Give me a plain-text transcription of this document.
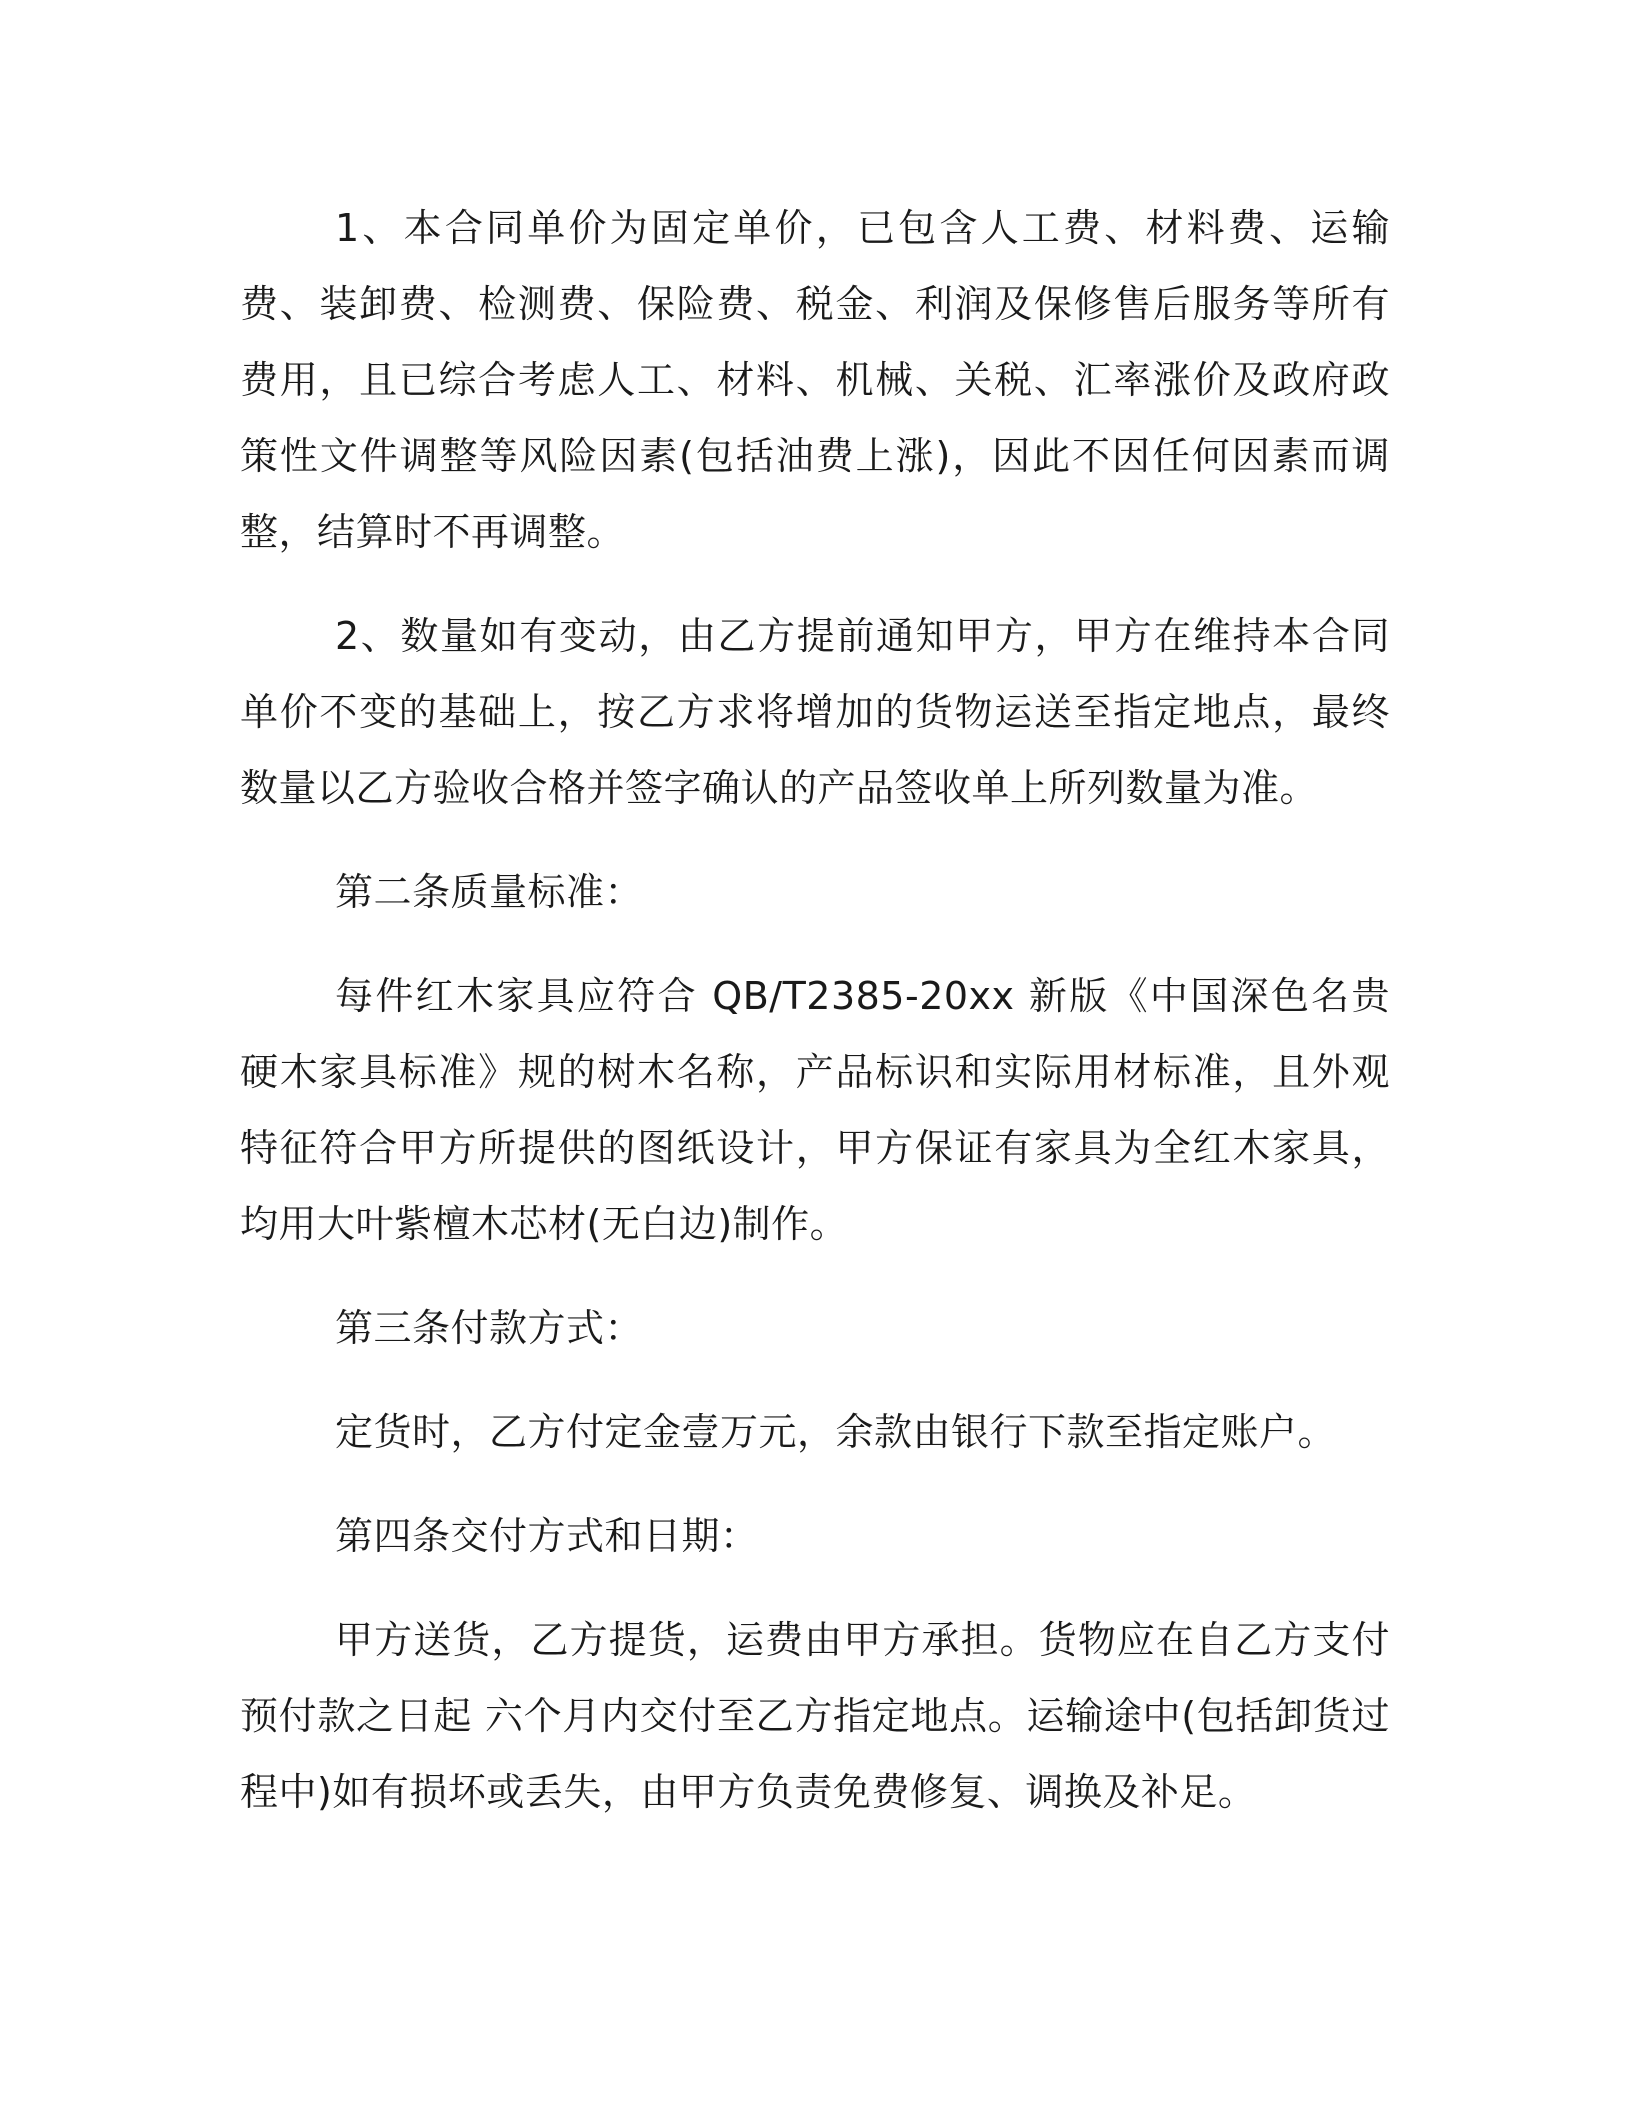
1、本合同单价为固定单价，已包含人工费、材料费、运输费、装卸费、检测费、保险费、税金、利润及保修售后服务等所有费用，且已综合考虑人工、材料、机械、关税、汇率涨价及政府政策性文件调整等风险因素(包括油费上涨)，因此不因任何因素而调整，结算时不再调整。

2、数量如有变动，由乙方提前通知甲方，甲方在维持本合同单价不变的基础上，按乙方求将增加的货物运送至指定地点，最终数量以乙方验收合格并签字确认的产品签收单上所列数量为准。

第二条质量标准：

每件红木家具应符合 QB/T2385-20xx 新版《中国深色名贵硬木家具标准》规的树木名称，产品标识和实际用材标准，且外观特征符合甲方所提供的图纸设计，甲方保证有家具为全红木家具，均用大叶紫檀木芯材(无白边)制作。

第三条付款方式：

定货时，乙方付定金壹万元，余款由银行下款至指定账户。

第四条交付方式和日期：

甲方送货，乙方提货，运费由甲方承担。货物应在自乙方支付预付款之日起 六个月内交付至乙方指定地点。运输途中(包括卸货过程中)如有损坏或丢失，由甲方负责免费修复、调换及补足。
